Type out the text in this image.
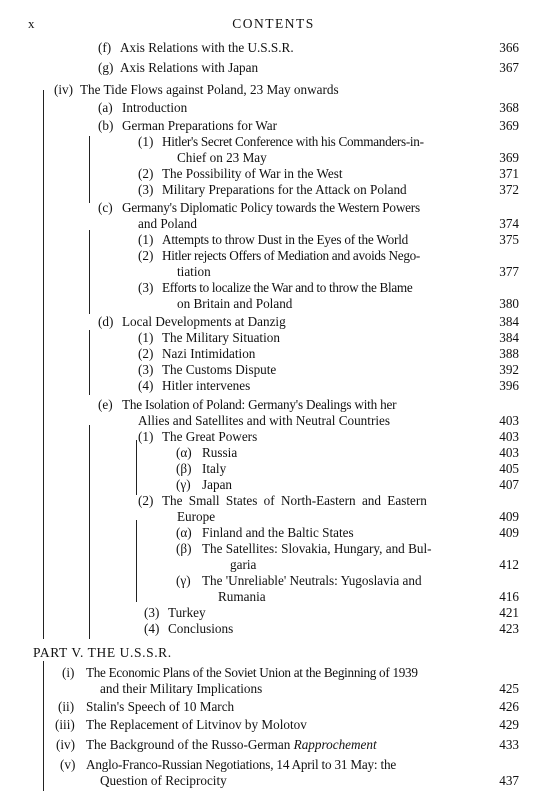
x	CONTENTS
(f) Axis Relations with the U.S.S.R.	366
(g) Axis Relations with Japan	367
(iv) The Tide Flows against Poland, 23 May onwards
(a) Introduction	368
(b) German Preparations for War	369
(1) Hitler's Secret Conference with his Commanders-in-
Chief on 23 May	369
(2) The Possibility of War in the West	371
(3) Military Preparations for the Attack on Poland	372
(c) Germany's Diplomatic Policy towards the Western Powers
and Poland	374
(1) Attempts to throw Dust in the Eyes of the World	375
(2) Hitler rejects Offers of Mediation and avoids Nego-
tiation	377
(3) Efforts to localize the War and to throw the Blame
on Britain and Poland	380
(d) Local Developments at Danzig	384
(1) The Military Situation	384
(2) Nazi Intimidation	388
(3) The Customs Dispute	392
(4) Hitler intervenes	396
(e) The Isolation of Poland: Germany's Dealings with her
Allies and Satellites and with Neutral Countries	403
(1) The Great Powers	403
(α) Russia	403
(β) Italy	405
(γ) Japan	407
(2) The Small States of North-Eastern and Eastern
Europe	409
(α) Finland and the Baltic States	409
(β) The Satellites: Slovakia, Hungary, and Bul-
garia	412
(γ) The 'Unreliable' Neutrals: Yugoslavia and
Rumania	416
(3) Turkey	421
(4) Conclusions	423
PART V. THE U.S.S.R.
(i) The Economic Plans of the Soviet Union at the Beginning of 1939
and their Military Implications	425
(ii) Stalin's Speech of 10 March	426
(iii) The Replacement of Litvinov by Molotov	429
(iv) The Background of the Russo-German Rapprochement	433
(v) Anglo-Franco-Russian Negotiations, 14 April to 31 May: the
Question of Reciprocity	437
